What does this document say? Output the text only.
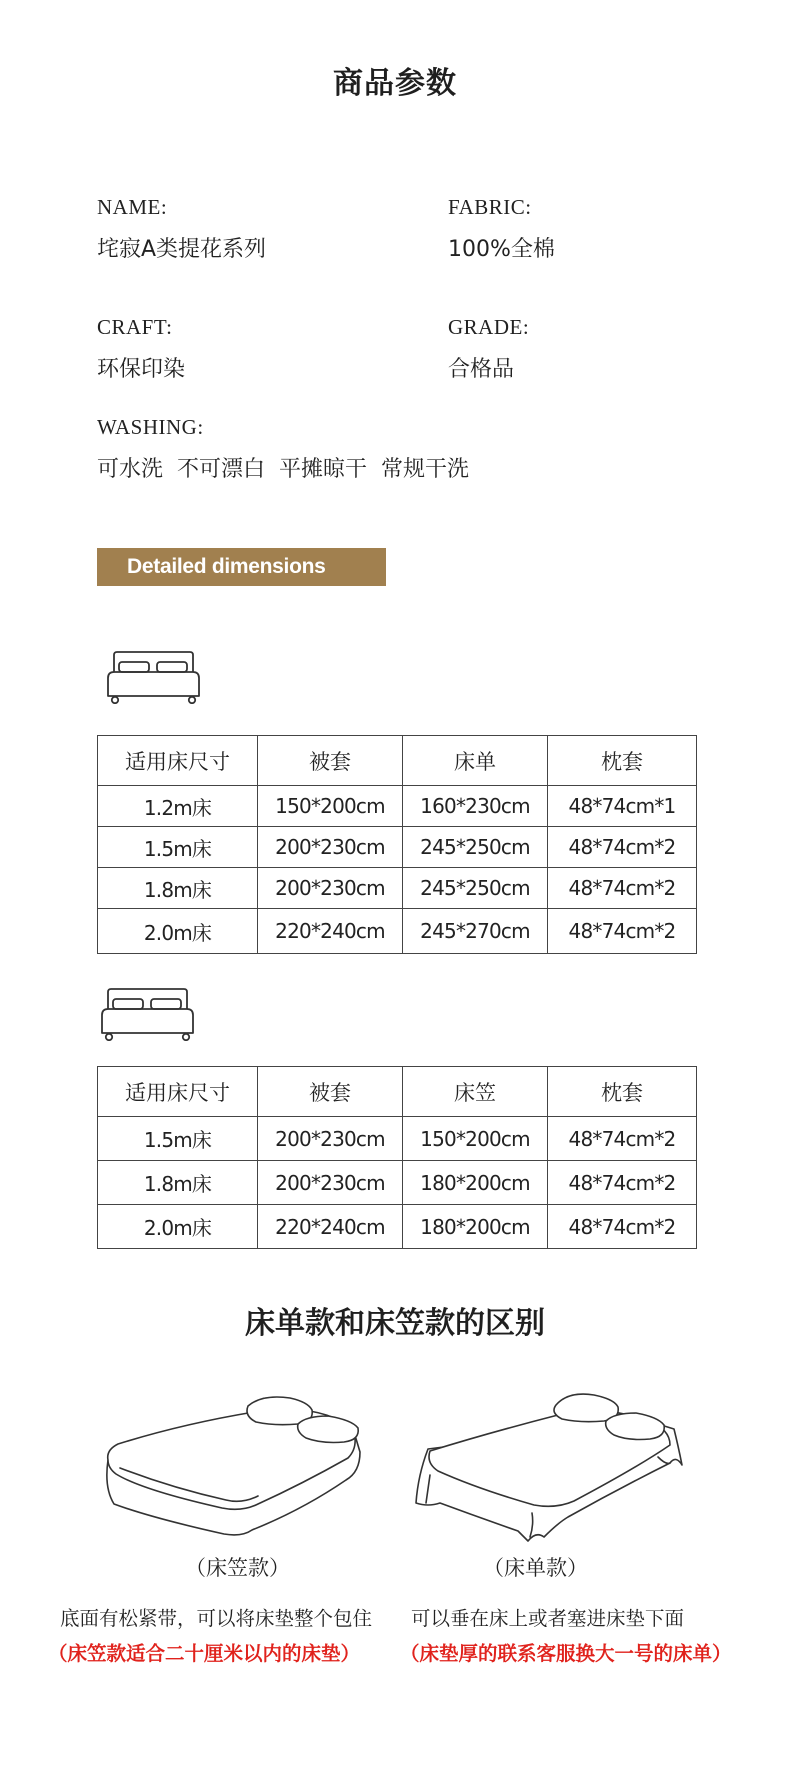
商品参数
NAME:
垞寂A类提花系列
FABRIC:
100%全棉
CRAFT:
环保印染
GRADE:
合格品
WASHING:
可水洗  不可漂白  平摊晾干  常规干洗
Detailed dimensions
适用床尺寸	被套	床单	枕套
1.2m床	150*200cm	160*230cm	48*74cm*1
1.5m床	200*230cm	245*250cm	48*74cm*2
1.8m床	200*230cm	245*250cm	48*74cm*2
2.0m床	220*240cm	245*270cm	48*74cm*2
适用床尺寸	被套	床笠	枕套
1.5m床	200*230cm	150*200cm	48*74cm*2
1.8m床	200*230cm	180*200cm	48*74cm*2
2.0m床	220*240cm	180*200cm	48*74cm*2
床单款和床笠款的区别
（床笠款）	（床单款）
底面有松紧带，可以将床垫整个包住 可以垂在床上或者塞进床垫下面
（床笠款适合二十厘米以内的床垫） （床垫厚的联系客服换大一号的床单）
